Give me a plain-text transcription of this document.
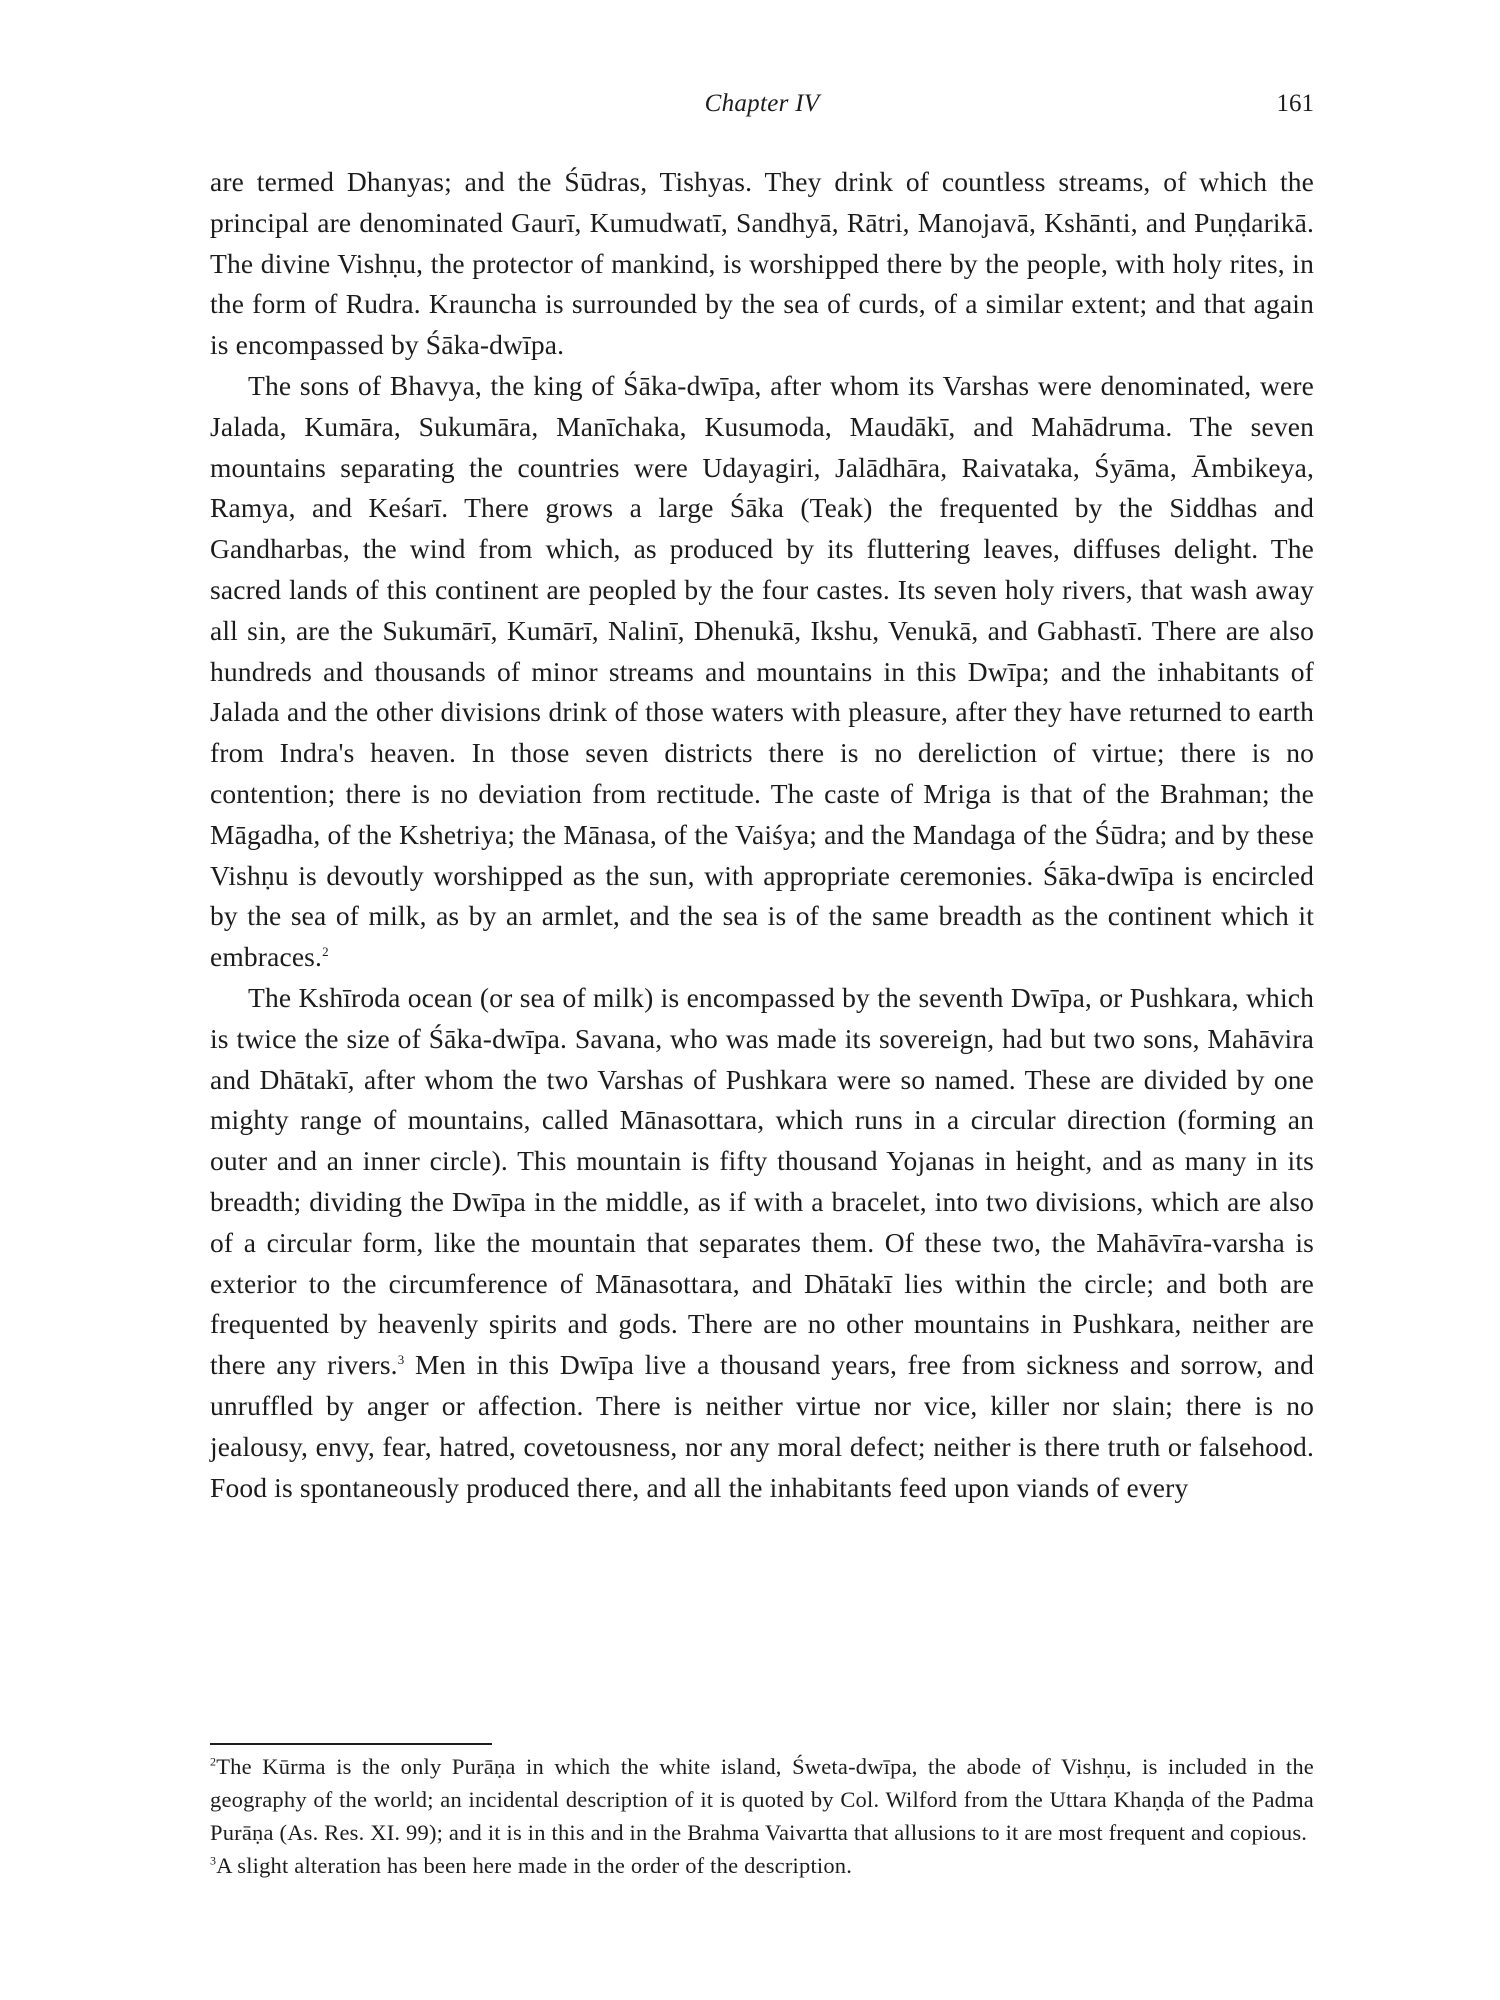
Chapter IV	161

are termed Dhanyas; and the Śūdras, Tishyas. They drink of countless streams, of which the principal are denominated Gaurī, Kumudwatī, Sandhyā, Rātri, Manojavā, Kshānti, and Puṇḍarikā. The divine Vishṇu, the protector of mankind, is worshipped there by the people, with holy rites, in the form of Rudra. Krauncha is surrounded by the sea of curds, of a similar extent; and that again is encompassed by Śāka-dwīpa.

The sons of Bhavya, the king of Śāka-dwīpa, after whom its Varshas were denominated, were Jalada, Kumāra, Sukumāra, Manīchaka, Kusumoda, Maudākī, and Mahādruma. The seven mountains separating the countries were Udayagiri, Jalādhāra, Raivataka, Śyāma, Āmbikeya, Ramya, and Keśarī. There grows a large Śāka (Teak) the frequented by the Siddhas and Gandharbas, the wind from which, as produced by its fluttering leaves, diffuses delight. The sacred lands of this continent are peopled by the four castes. Its seven holy rivers, that wash away all sin, are the Sukumārī, Kumārī, Nalinī, Dhenukā, Ikshu, Venukā, and Gabhastī. There are also hundreds and thousands of minor streams and mountains in this Dwīpa; and the inhabitants of Jalada and the other divisions drink of those waters with pleasure, after they have returned to earth from Indra's heaven. In those seven districts there is no dereliction of virtue; there is no contention; there is no deviation from rectitude. The caste of Mriga is that of the Brahman; the Māgadha, of the Kshetriya; the Mānasa, of the Vaiśya; and the Mandaga of the Śūdra; and by these Vishṇu is devoutly worshipped as the sun, with appropriate ceremonies. Śāka-dwīpa is encircled by the sea of milk, as by an armlet, and the sea is of the same breadth as the continent which it embraces.$^2$

The Kshīroda ocean (or sea of milk) is encompassed by the seventh Dwīpa, or Pushkara, which is twice the size of Śāka-dwīpa. Savana, who was made its sovereign, had but two sons, Mahāvira and Dhātakī, after whom the two Varshas of Pushkara were so named. These are divided by one mighty range of mountains, called Mānasottara, which runs in a circular direction (forming an outer and an inner circle). This mountain is fifty thousand Yojanas in height, and as many in its breadth; dividing the Dwīpa in the middle, as if with a bracelet, into two divisions, which are also of a circular form, like the mountain that separates them. Of these two, the Mahāvīra-varsha is exterior to the circumference of Mānasottara, and Dhātakī lies within the circle; and both are frequented by heavenly spirits and gods. There are no other mountains in Pushkara, neither are there any rivers.$^3$ Men in this Dwīpa live a thousand years, free from sickness and sorrow, and unruffled by anger or affection. There is neither virtue nor vice, killer nor slain; there is no jealousy, envy, fear, hatred, covetousness, nor any moral defect; neither is there truth or falsehood. Food is spontaneously produced there, and all the inhabitants feed upon viands of every

$^2$The Kūrma is the only Purāṇa in which the white island, Śweta-dwīpa, the abode of Vishṇu, is included in the geography of the world; an incidental description of it is quoted by Col. Wilford from the Uttara Khaṇḍa of the Padma Purāṇa (As. Res. XI. 99); and it is in this and in the Brahma Vaivartta that allusions to it are most frequent and copious.

$^3$A slight alteration has been here made in the order of the description.
